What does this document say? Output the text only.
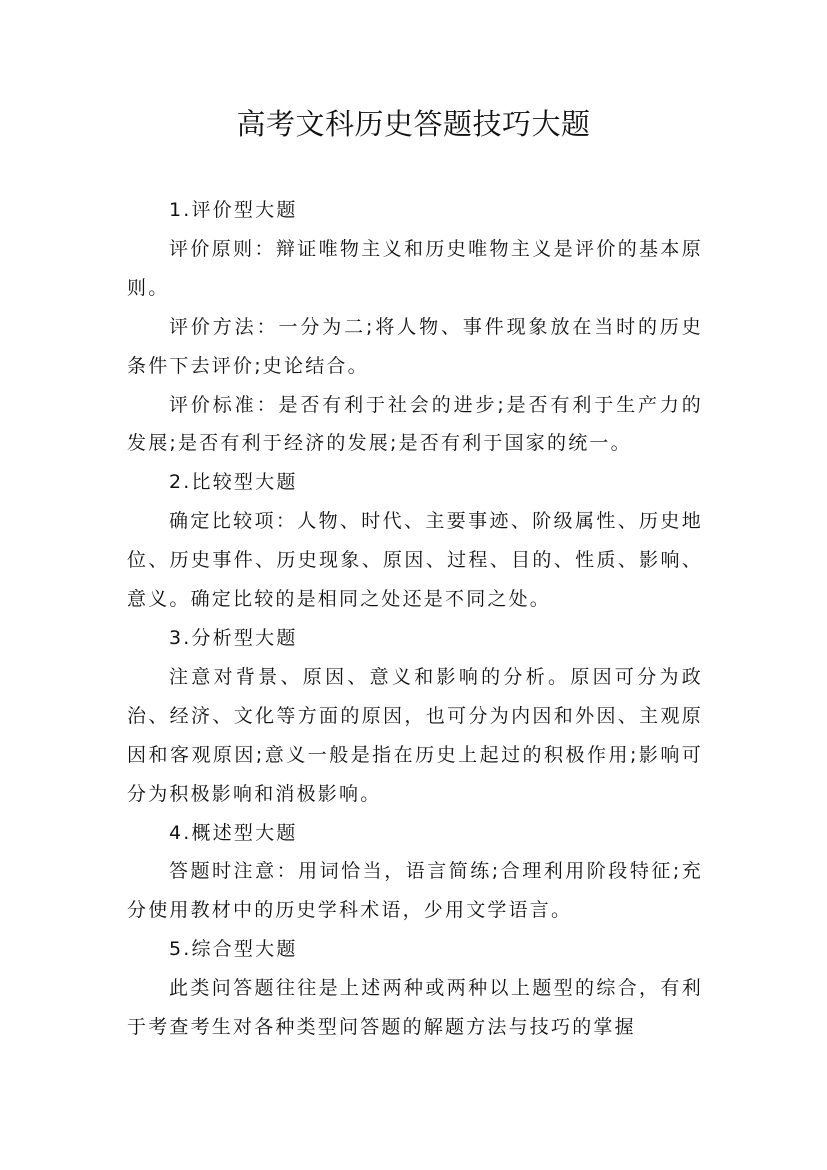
高考文科历史答题技巧大题

1.评价型大题

评价原则：辩证唯物主义和历史唯物主义是评价的基本原则。

评价方法：一分为二;将人物、事件现象放在当时的历史条件下去评价;史论结合。

评价标准：是否有利于社会的进步;是否有利于生产力的发展;是否有利于经济的发展;是否有利于国家的统一。

2.比较型大题

确定比较项：人物、时代、主要事迹、阶级属性、历史地位、历史事件、历史现象、原因、过程、目的、性质、影响、意义。确定比较的是相同之处还是不同之处。

3.分析型大题

注意对背景、原因、意义和影响的分析。原因可分为政治、经济、文化等方面的原因，也可分为内因和外因、主观原因和客观原因;意义一般是指在历史上起过的积极作用;影响可分为积极影响和消极影响。

4.概述型大题

答题时注意：用词恰当，语言简练;合理利用阶段特征;充分使用教材中的历史学科术语，少用文学语言。

5.综合型大题

此类问答题往往是上述两种或两种以上题型的综合，有利于考查考生对各种类型问答题的解题方法与技巧的掌握
